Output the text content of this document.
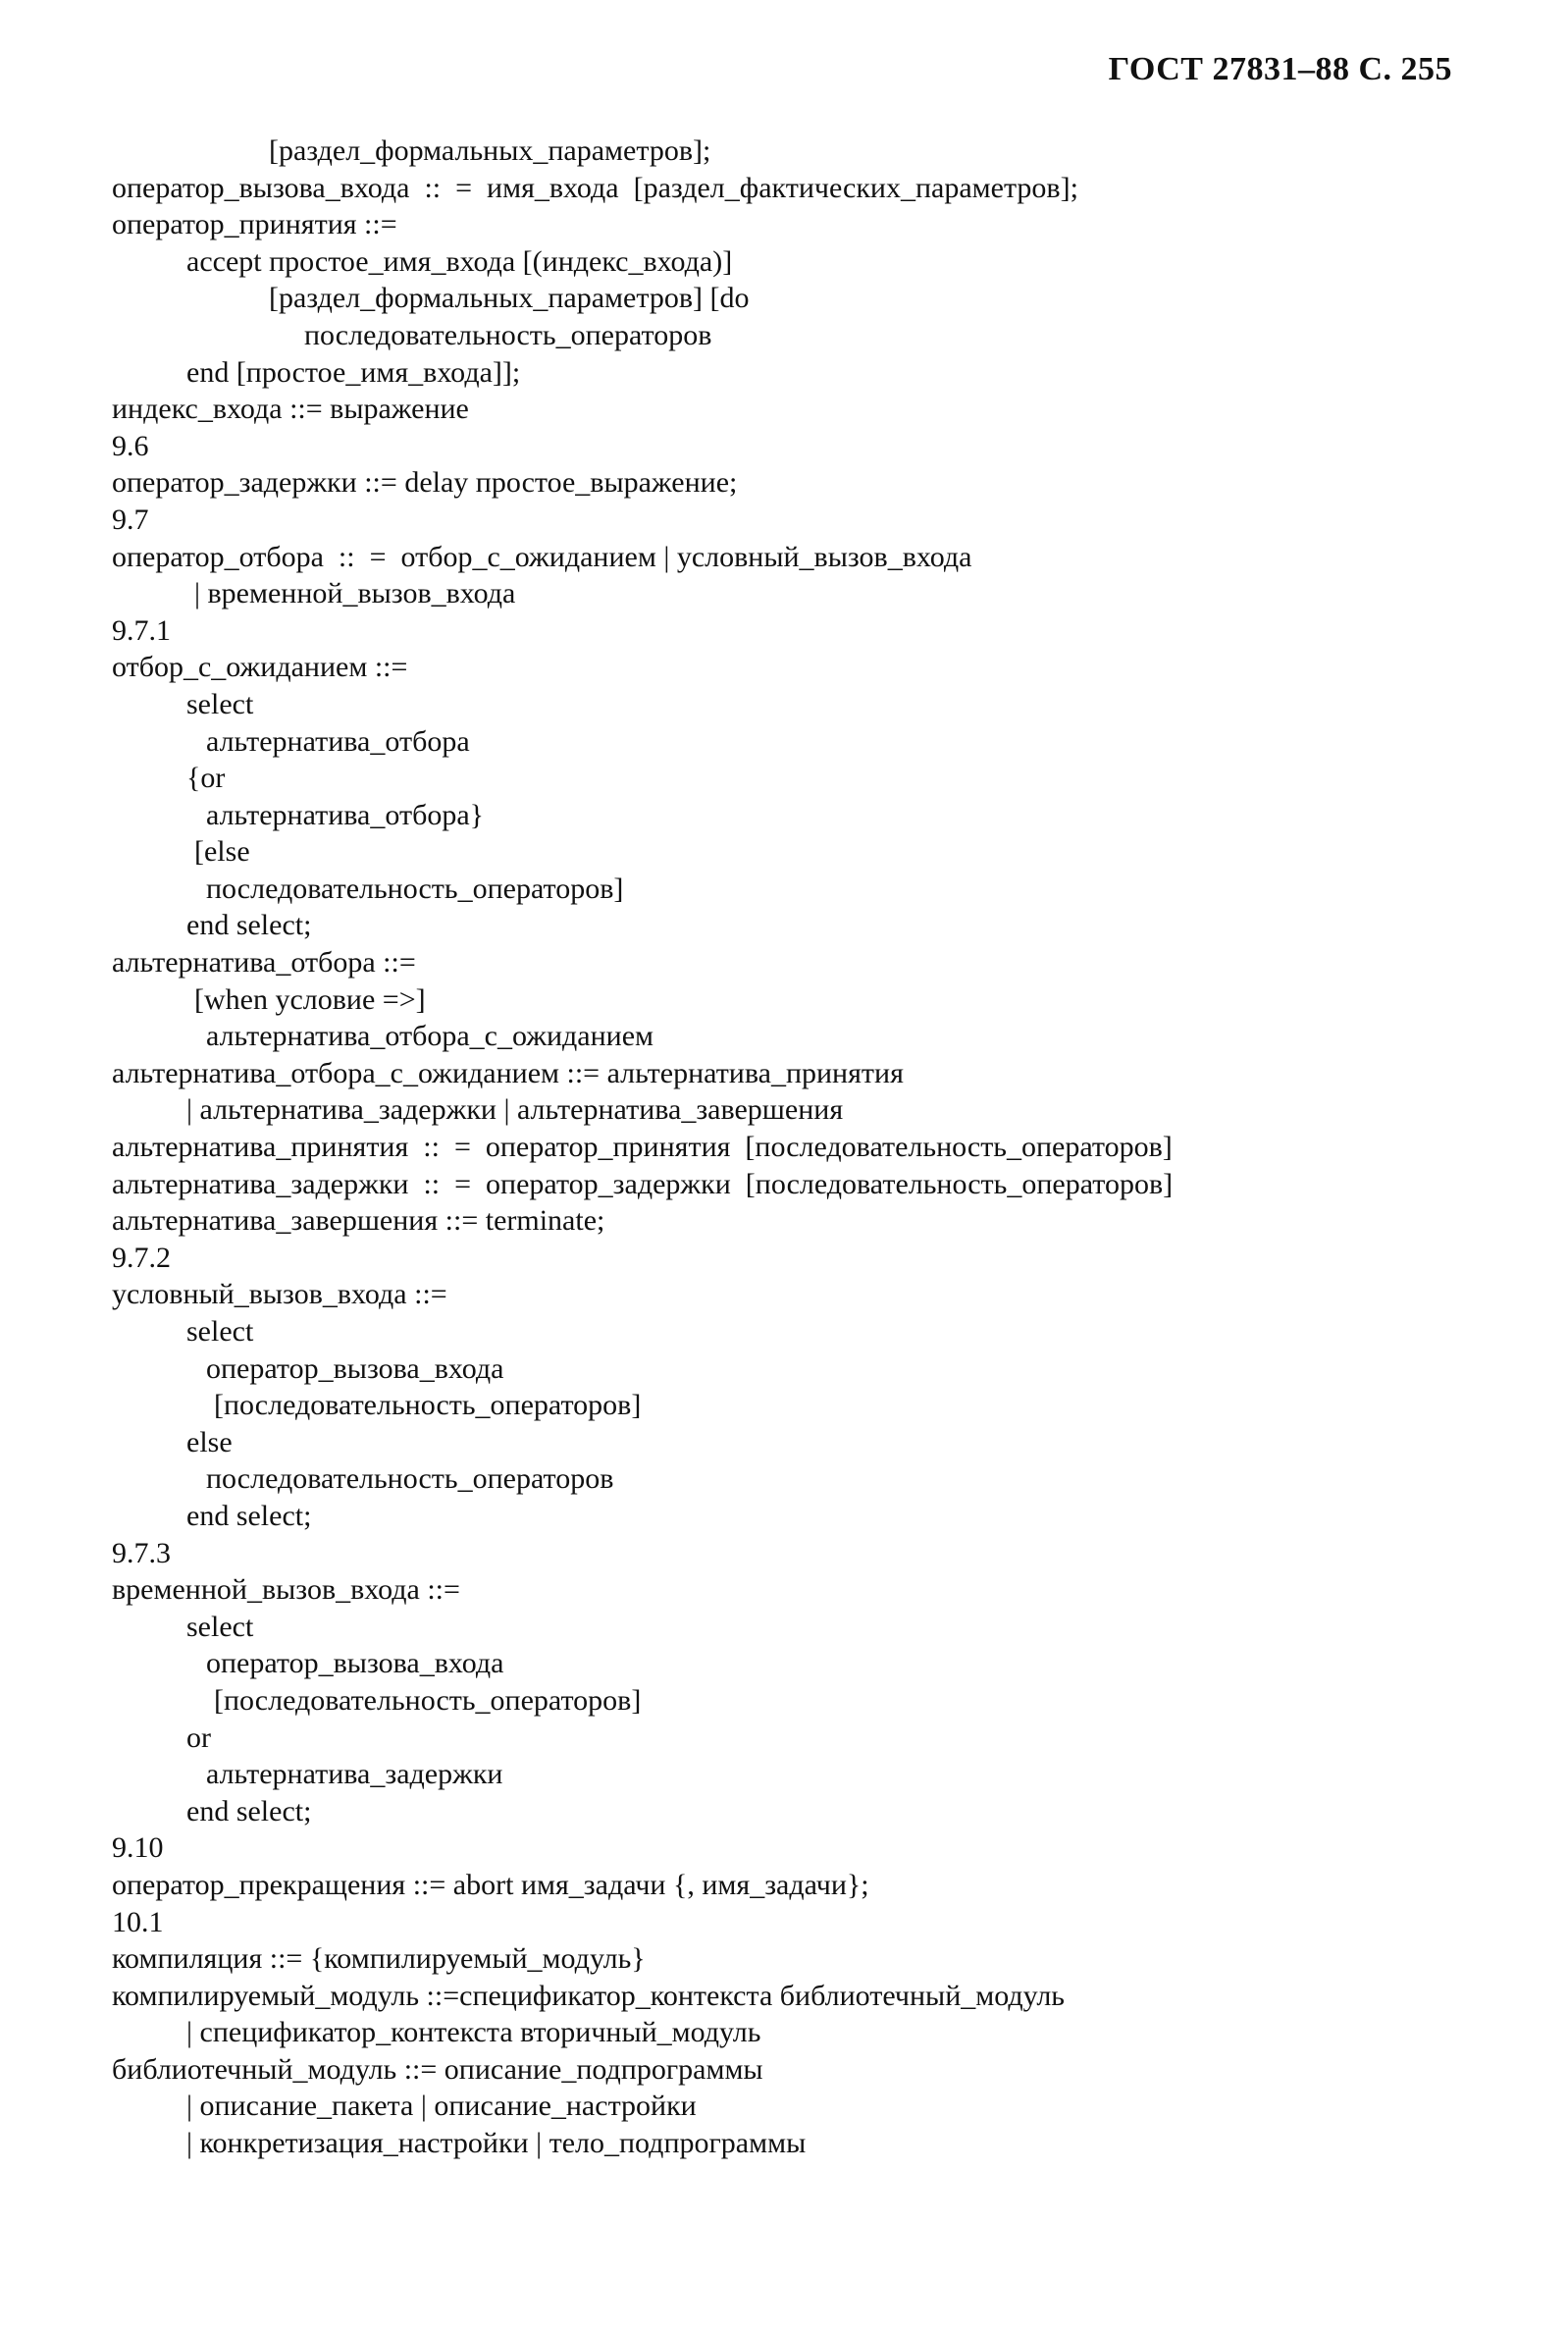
ГОСТ 27831–88 С. 255
[раздел_формальных_параметров];
оператор_вызова_входа  ::  =  имя_входа  [раздел_фактических_параметров];
оператор_принятия ::=
accept простое_имя_входа [(индекс_входа)]
[раздел_формальных_параметров] [do
последовательность_операторов
end [простое_имя_входа]];
индекс_входа ::= выражение
9.6
оператор_задержки ::= delay простое_выражение;
9.7
оператор_отбора  ::  =  отбор_с_ожиданием | условный_вызов_входа
| временной_вызов_входа
9.7.1
отбор_с_ожиданием ::=
select
альтернатива_отбора
{or
альтернатива_отбора}
[else
последовательность_операторов]
end select;
альтернатива_отбора ::=
[when условие =>]
альтернатива_отбора_с_ожиданием
альтернатива_отбора_с_ожиданием ::= альтернатива_принятия
| альтернатива_задержки | альтернатива_завершения
альтернатива_принятия  ::  =  оператор_принятия  [последовательность_операторов]
альтернатива_задержки  ::  =  оператор_задержки  [последовательность_операторов]
альтернатива_завершения ::= terminate;
9.7.2
условный_вызов_входа ::=
select
оператор_вызова_входа
[последовательность_операторов]
else
последовательность_операторов
end select;
9.7.3
временной_вызов_входа ::=
select
оператор_вызова_входа
[последовательность_операторов]
or
альтернатива_задержки
end select;
9.10
оператор_прекращения ::= abort имя_задачи {, имя_задачи};
10.1
компиляция ::= {компилируемый_модуль}
компилируемый_модуль ::=спецификатор_контекста библиотечный_модуль
| спецификатор_контекста вторичный_модуль
библиотечный_модуль ::= описание_подпрограммы
| описание_пакета | описание_настройки
| конкретизация_настройки | тело_подпрограммы
